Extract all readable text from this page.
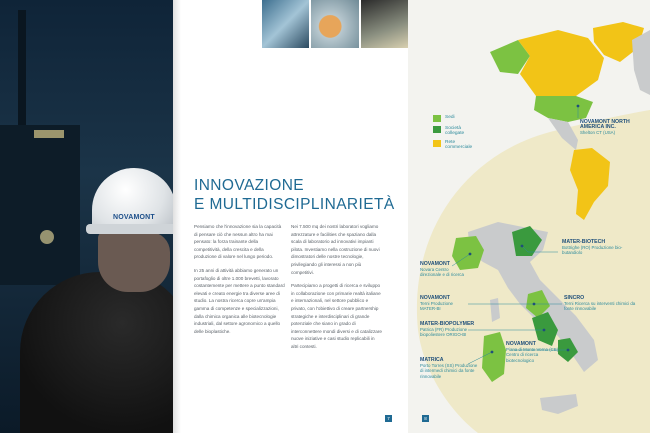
NOVAMONT
INNOVAZIONE
E MULTIDISCIPLINARIETÀ

Pensiamo che l'innovazione sia la capacità di pensare ciò che nessun altro ha mai pensato: la forza trainante della competitività, della crescita e della produzione di valore nel lungo periodo.

In 25 anni di attività abbiamo generato un portafoglio di oltre 1.000 brevetti, lavorato costantemente per mettere a punto standard elevati e creato energie tra diverse aree di studio. La nostra ricerca copre un'ampia gamma di competenze e specializzazioni, dalla chimica organica alle biotecnologie industriali, dal settore agronomico a quello delle bioplastiche.

Nei 7.500 mq dei nostri laboratori vogliamo attrezzature e facilities che spaziano dalla scala di laboratorio ad innovativi impianti pilota. Investiamo nella costruzione di nuovi dimostratori delle nostre tecnologie, privilegiando gli interessi a non più competitivi.

Partecipiamo a progetti di ricerca e sviluppo in collaborazione con primarie realtà italiane e internazionali, nel settore pubblico e privato, con l'obiettivo di creare partnership strategiche e interdisciplinari di grande potenziale che siano in grado di interconnettere mondi diversi e di catalizzare nuove iniziative e casi studio replicabili in altri contesti.

7
Sedi
Società collegate
Rete commerciale
NOVAMONT NORTH AMERICA INC.
Shelton CT (USA)
MATER-BIOTECH
Bottrighe (RO) Produzione bio-butandiolo
NOVAMONT
Novara Centro direzionale e di ricerca
NOVAMONT
Terni Produzione MATER-BI
MATER-BIOPOLYMER
Patrica (FR) Produzione biopoliestere ORIGO-BI
SINCRO
Terni Ricerca su interventi chimici da fonte rinnovabile
MATRICA
Porto Torres (SS) Produzione di intermedi chimici da fonte rinnovabile
NOVAMONT
Piana di Monte Verna (CE) Centro di ricerca biotecnologico
8
